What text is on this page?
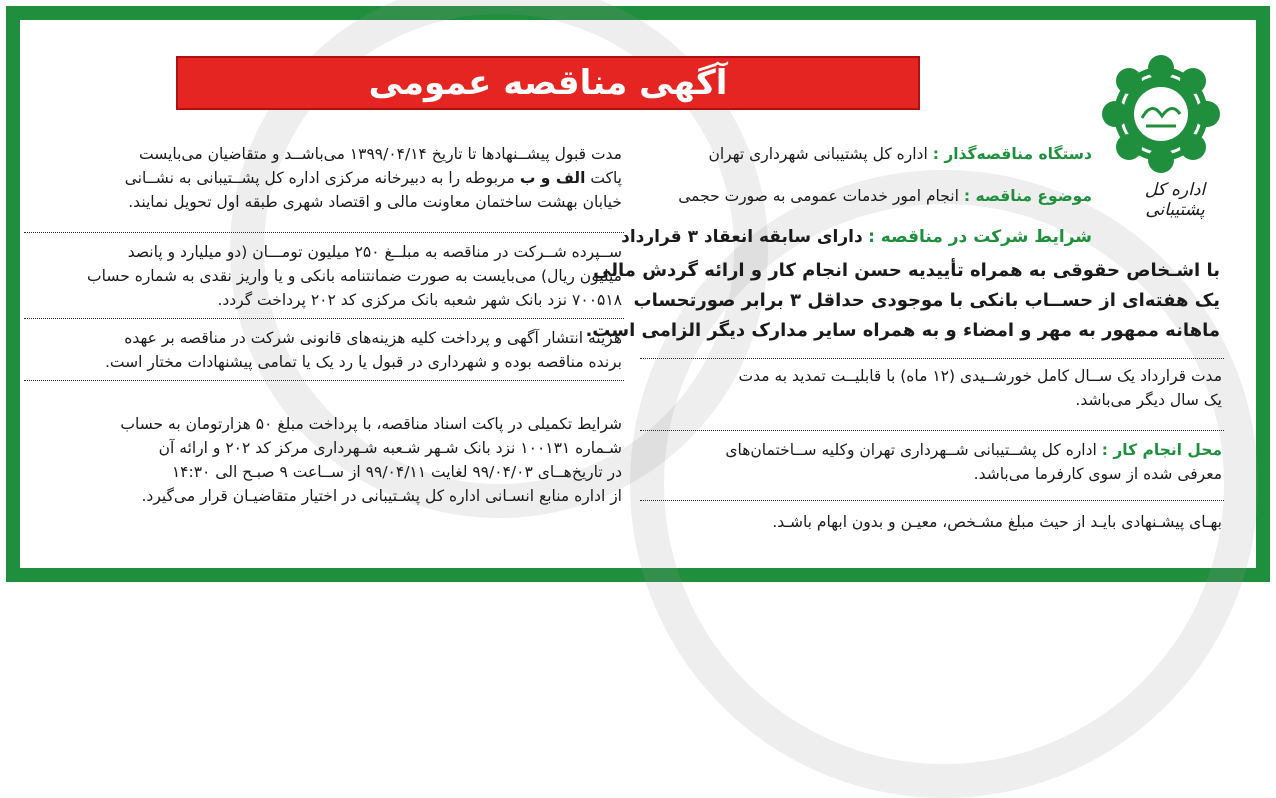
آگهی مناقصه عمومی
اداره کل پشتیبانی
دستگاه مناقصه‌گذار : اداره کل پشتیبانی شهرداری تهران
موضوع مناقصه : انجام امور خدمات عمومی به صورت حجمی
شرایط شرکت در مناقصه : دارای سابقه انعقاد ۳ قرارداد
با اشـخاص حقوقی به همراه تأییدیه حسن انجام کار و ارائه گردش مالی
یک هفته‌ای از حســاب بانکی با موجودی حداقل ۳ برابر صورتحساب
ماهانه ممهور به مهر و امضاء و به همراه سایر مدارک دیگر الزامی است.
مدت قرارداد یک ســال کامل خورشــیدی (۱۲ ماه) با قابلیــت تمدید به مدت
یک سال دیگر می‌باشد.
محل انجام کار : اداره کل پشــتیبانی شــهرداری تهران وکلیه ســاختمان‌های
معرفی شده از سوی کارفرما می‌باشد.
بهـای پیشـنهادی بایـد از حیث مبلغ مشـخص، معیـن و بدون ابهام باشـد.
مدت قبول پیشــنهادها تا تاریخ ۱۳۹۹/۰۴/۱۴ می‌باشــد و متقاضیان می‌بایست
پاکت الف و ب مربوطه را به دبیرخانه مرکزی اداره کل پشــتیبانی به نشــانی
خیابان بهشت ساختمان معاونت مالی و اقتصاد شهری طبقه اول تحویل نمایند.
ســپرده شــرکت در مناقصه به مبلــغ ۲۵۰ میلیون تومـــان (دو میلیارد و پانصد
میلیون ریال) می‌بایست به صورت ضمانتنامه بانکی و یا واریز نقدی به شماره حساب
۷۰۰۵۱۸ نزد بانک شهر شعبه بانک مرکزی کد ۲۰۲ پرداخت گردد.
هزینه انتشار آگهی و پرداخت کلیه هزینه‌های قانونی شرکت در مناقصه بر عهده
برنده مناقصه بوده و شهرداری در قبول یا رد یک یا تمامی پیشنهادات مختار است.
شرایط تکمیلی در پاکت اسناد مناقصه، با پرداخت مبلغ ۵۰ هزارتومان به حساب
شـماره ۱۰۰۱۳۱ نزد بانک شـهر شـعبه شـهرداری مرکز کد ۲۰۲ و ارائه آن
در تاریخ‌هــای ۹۹/۰۴/۰۳ لغایت ۹۹/۰۴/۱۱ از ســاعت ۹ صبـح الی ۱۴:۳۰
از اداره منابع انسـانی اداره کل پشـتیبانی در اختیار متقاضیـان قرار می‌گیرد.
